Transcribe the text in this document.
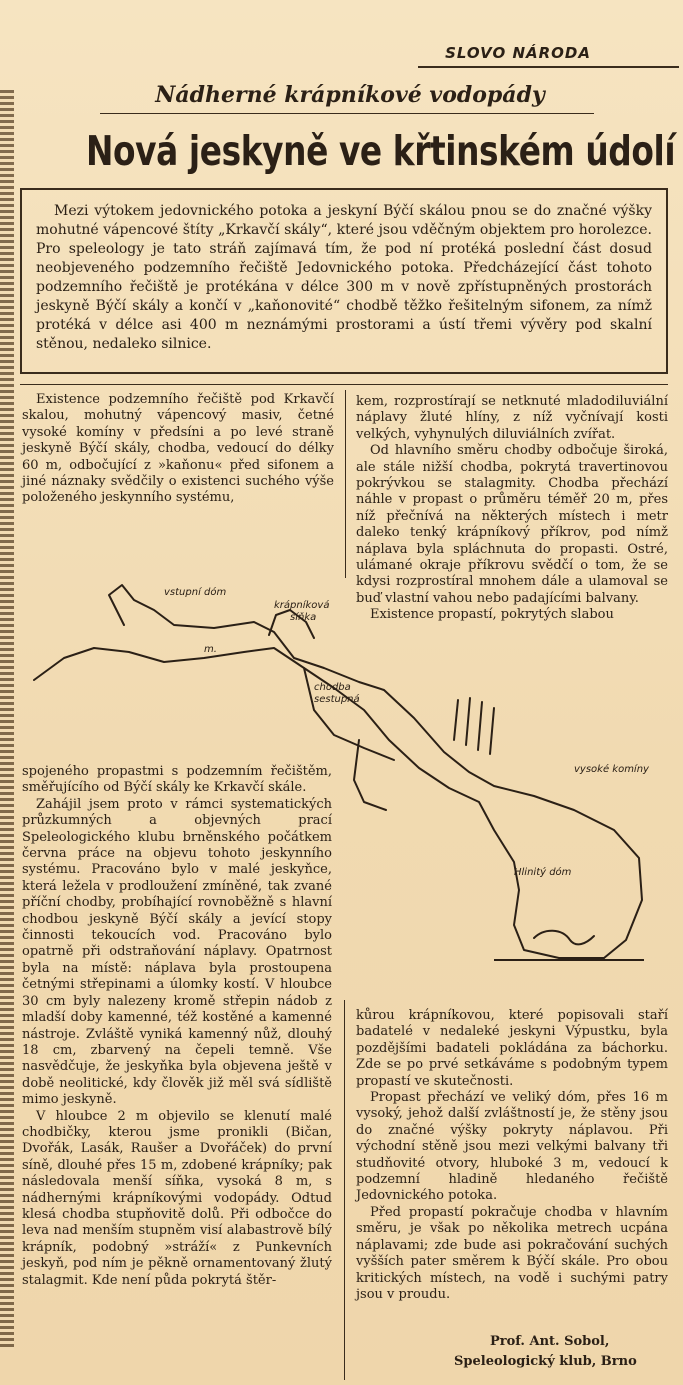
SLOVO NÁRODA
Nádherné krápníkové vodopády
Nová jeskyně ve křtinském údolí

Mezi výtokem jedovnického potoka a jeskyní Býčí skálou pnou se do značné výšky mohutné vápencové štíty „Krkavčí skály“, které jsou vděčným objektem pro horolezce. Pro speleology je tato stráň zajímavá tím, že pod ní protéká poslední část dosud neobjeveného podzemního řečiště Jedovnického potoka. Předcházející část tohoto podzemního řečiště je protékána v délce 300 m v nově zpřístupněných prostorách jeskyně Býčí skály a končí v „kaňonovité“ chodbě těžko řešitelným sifonem, za nímž protéká v délce asi 400 m neznámými prostorami a ústí třemi vývěry pod skalní stěnou, nedaleko silnice.

Existence podzemního řečiště pod Krkavčí skalou, mohutný vápencový masiv, četné vysoké komíny v předsíni a po levé straně jeskyně Býčí skály, chodba, vedoucí do délky 60 m, odbočující z »kaňonu« před sifonem a jiné náznaky svědčily o existenci suchého výše položeného jeskynního systému,

kem, rozprostírají se netknuté mladodiluviální náplavy žluté hlíny, z níž vyčnívají kosti velkých, vyhynulých diluviálních zvířat.

Od hlavního směru chodby odbočuje široká, ale stále nižší chodba, pokrytá travertinovou pokrývkou se stalagmity. Chodba přechází náhle v propast o průměru téměř 20 m, přes níž přečnívá na některých místech i metr daleko tenký krápníkový příkrov, pod nímž náplava byla spláchnuta do propasti. Ostré, ulámané okraje příkrovu svědčí o tom, že se kdysi rozprostíral mnohem dále a ulamoval se buď vlastní vahou nebo padajícími balvany.

Existence propastí, pokrytých slabou

vstupní dóm
krápníková
síňka
m.
chodba
sestupná
vysoké komíny
Hlinitý dóm

spojeného propastmi s podzemním řečištěm, směřujícího od Býčí skály ke Krkavčí skále.

Zahájil jsem proto v rámci systematických průzkumných a objevných prací Speleologického klubu brněnského počátkem června práce na objevu tohoto jeskynního systému. Pracováno bylo v malé jeskyňce, která ležela v prodloužení zmíněné, tak zvané příční chodby, probíhající rovnoběžně s hlavní chodbou jeskyně Býčí skály a jevící stopy činnosti tekoucích vod. Pracováno bylo opatrně při odstraňování náplavy. Opatrnost byla na místě: náplava byla prostoupena četnými střepinami a úlomky kostí. V hloubce 30 cm byly nalezeny kromě střepin nádob z mladší doby kamenné, též kostěné a kamenné nástroje. Zvláště vyniká kamenný nůž, dlouhý 18 cm, zbarvený na čepeli temně. Vše nasvědčuje, že jeskyňka byla objevena ještě v době neolitické, kdy člověk již měl svá sídliště mimo jeskyně.

V hloubce 2 m objevilo se klenutí malé chodbičky, kterou jsme pronikli (Bičan, Dvořák, Lasák, Raušer a Dvořáček) do první síně, dlouhé přes 15 m, zdobené krápníky; pak následovala menší síňka, vysoká 8 m, s nádhernými krápníkovými vodopády. Odtud klesá chodba stupňovitě dolů. Při odbočce do leva nad menším stupněm visí alabastrově bílý krápník, podobný »stráží« z Punkevních jeskyň, pod ním je pěkně ornamentovaný žlutý stalagmit. Kde není půda pokrytá štěr-

kůrou krápníkovou, které popisovali staří badatelé v nedaleké jeskyni Výpustku, byla pozdějšími badateli pokládána za báchorku. Zde se po prvé setkáváme s podobným typem propastí ve skutečnosti.

Propast přechází ve veliký dóm, přes 16 m vysoký, jehož další zvláštností je, že stěny jsou do značné výšky pokryty náplavou. Při východní stěně jsou mezi velkými balvany tři studňovité otvory, hluboké 3 m, vedoucí k podzemní hladině hledaného řečiště Jedovnického potoka.

Před propastí pokračuje chodba v hlavním směru, je však po několika metrech ucpána náplavami; zde bude asi pokračování suchých vyšších pater směrem k Býčí skále. Pro obou kritických místech, na vodě i suchými patry jsou v proudu.

Prof. Ant. Sobol,
Speleologický klub, Brno
